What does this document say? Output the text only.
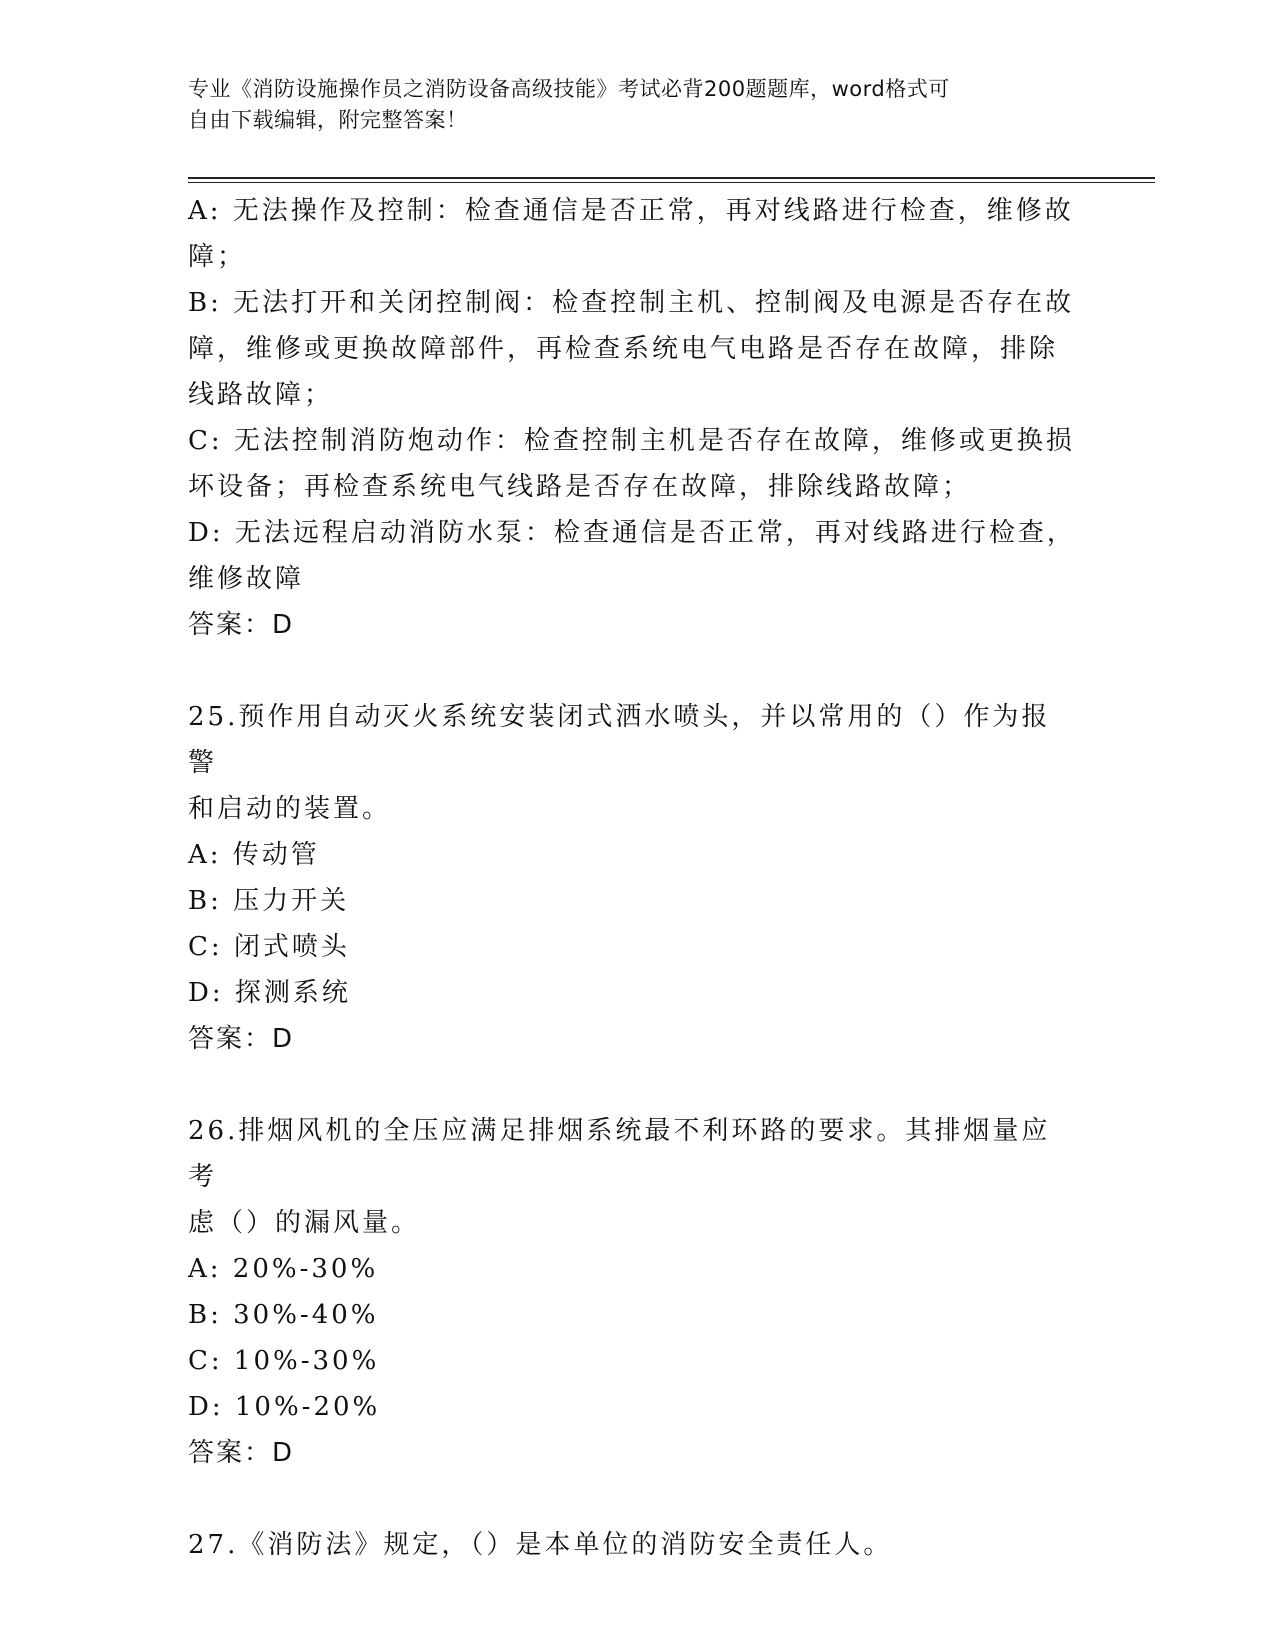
专业《消防设施操作员之消防设备高级技能》考试必背200题题库，word格式可
自由下载编辑，附完整答案！
A: 无法操作及控制：检查通信是否正常，再对线路进行检查，维修故
障；
B: 无法打开和关闭控制阀：检查控制主机、控制阀及电源是否存在故
障，维修或更换故障部件，再检查系统电气电路是否存在故障，排除
线路故障；
C: 无法控制消防炮动作：检查控制主机是否存在故障，维修或更换损
坏设备；再检查系统电气线路是否存在故障，排除线路故障；
D: 无法远程启动消防水泵：检查通信是否正常，再对线路进行检查，
维修故障
答案：D
25.预作用自动灭火系统安装闭式洒水喷头，并以常用的（）作为报警
和启动的装置。
A: 传动管
B: 压力开关
C: 闭式喷头
D: 探测系统
答案：D
26.排烟风机的全压应满足排烟系统最不利环路的要求。其排烟量应考
虑（）的漏风量。
A: 20%-30%
B: 30%-40%
C: 10%-30%
D: 10%-20%
答案：D
27.《消防法》规定，（）是本单位的消防安全责任人。
